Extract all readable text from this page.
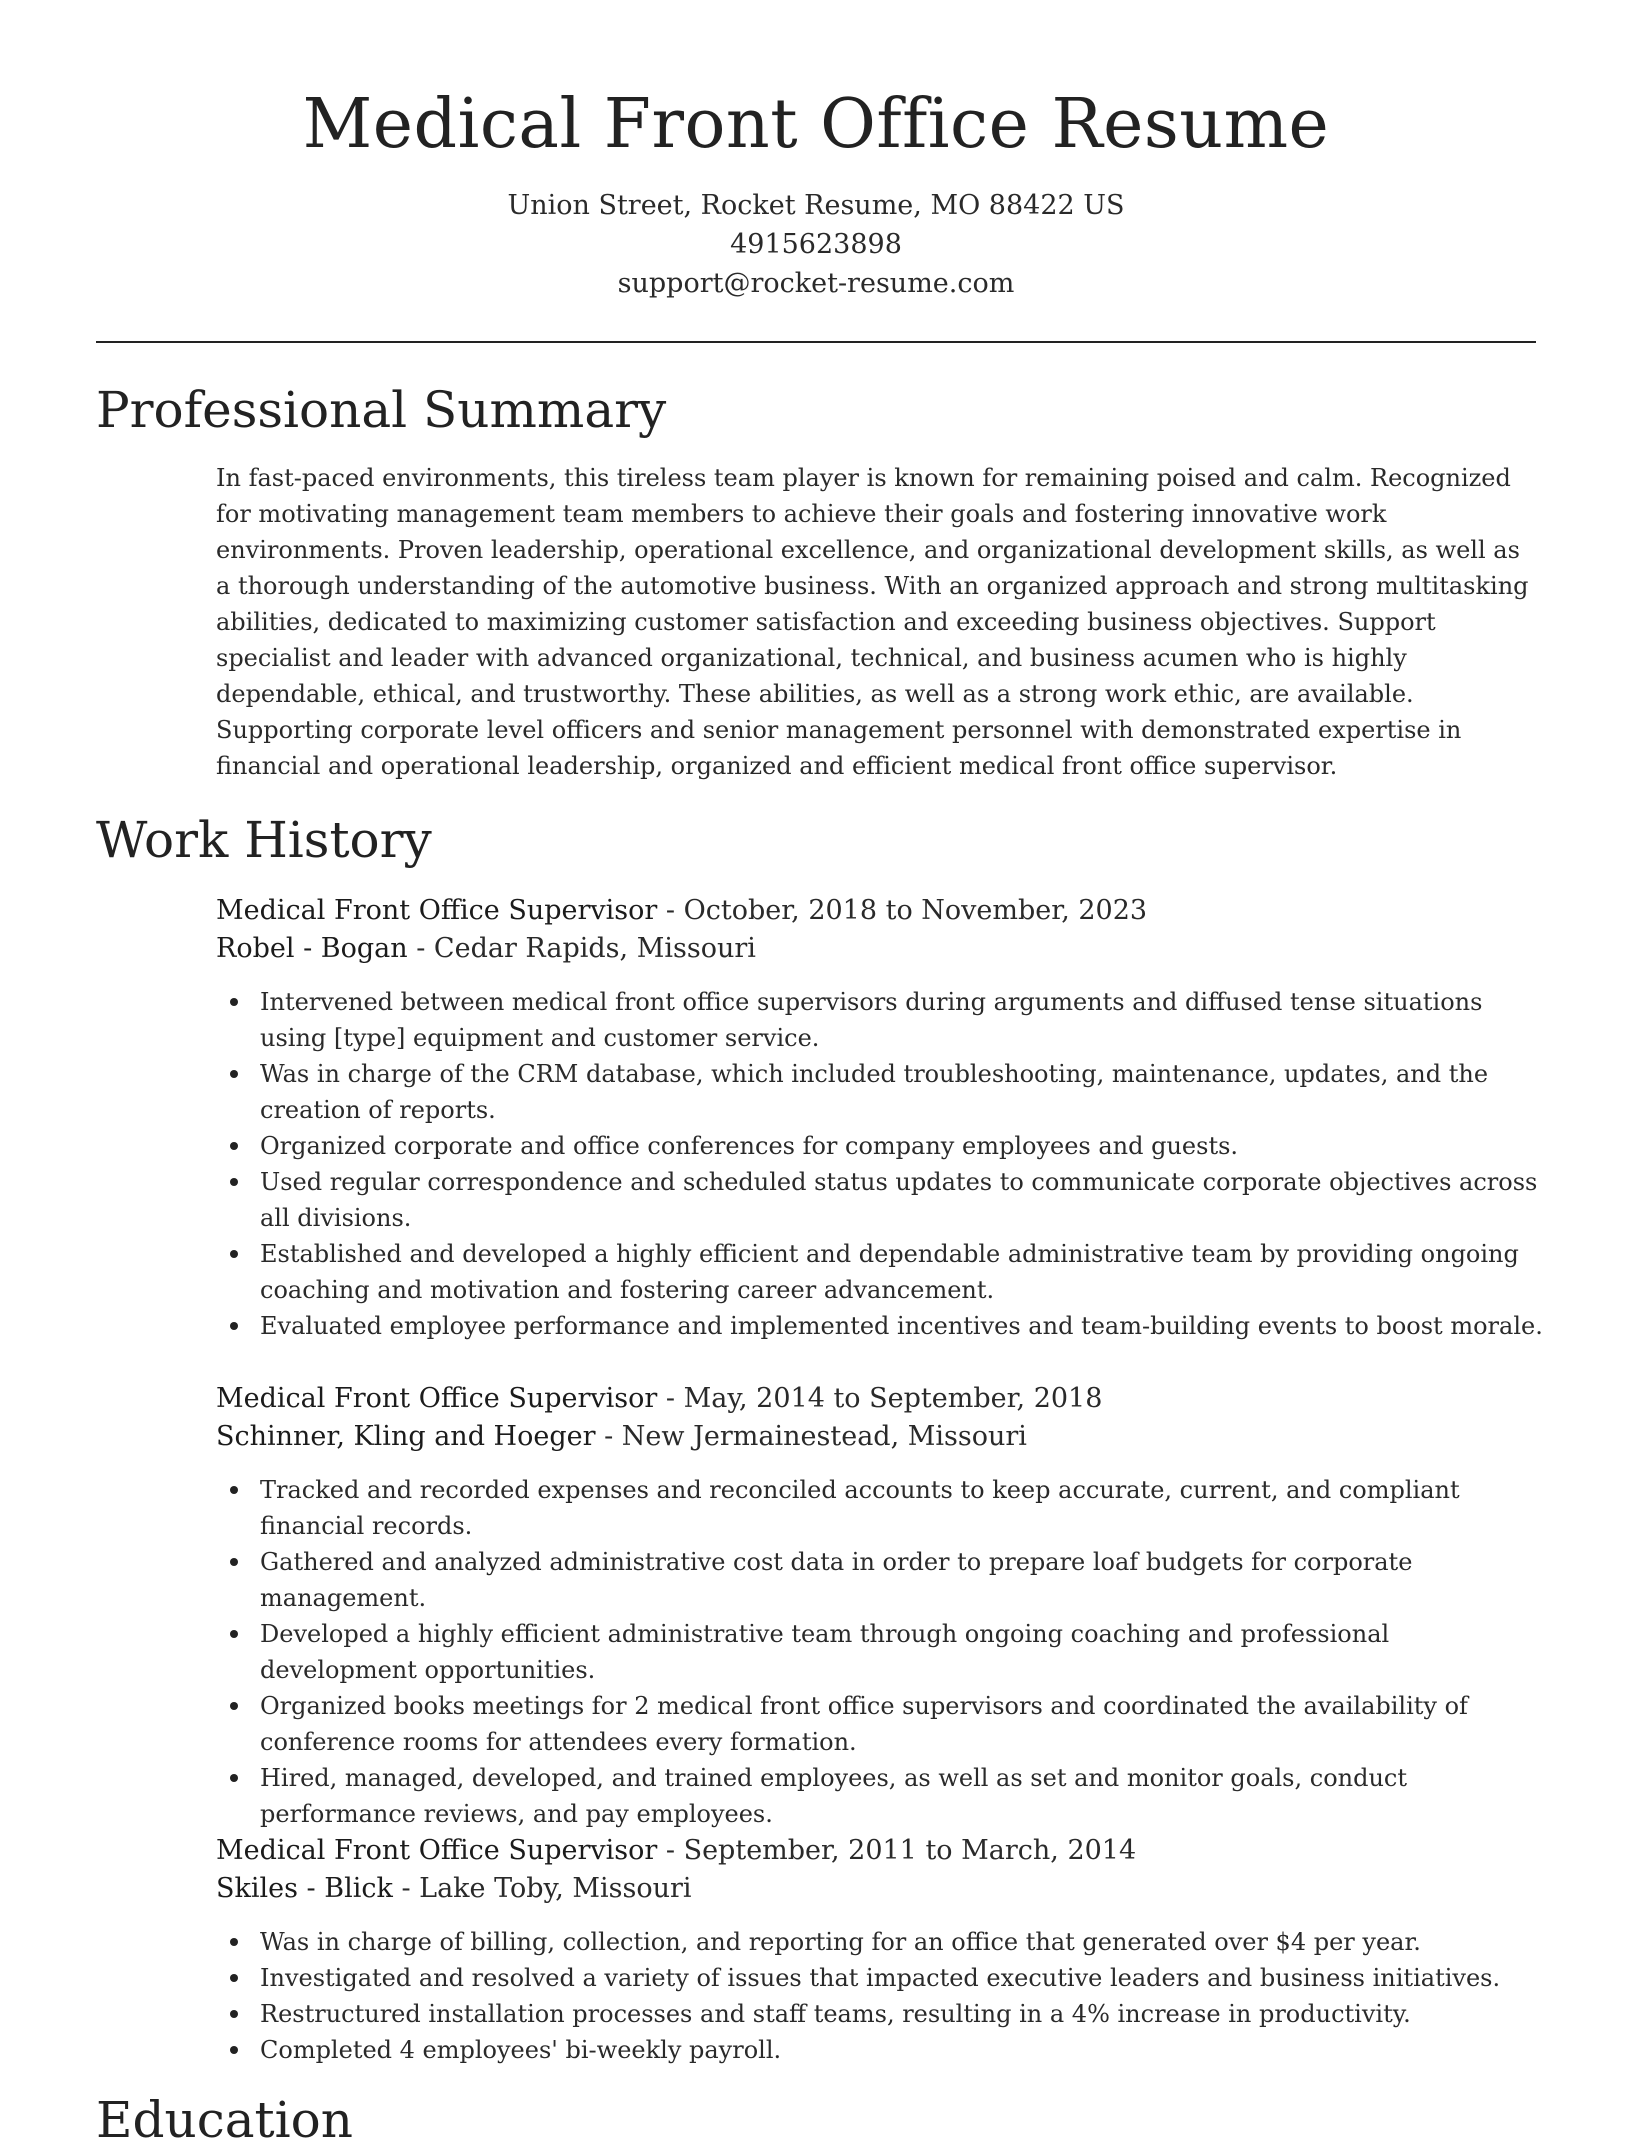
Medical Front Office Resume
Union Street, Rocket Resume, MO 88422 US
4915623898
support@rocket-resume.com
Professional Summary

In fast-paced environments, this tireless team player is known for remaining poised and calm. Recognized for motivating management team members to achieve their goals and fostering innovative work environments. Proven leadership, operational excellence, and organizational development skills, as well as a thorough understanding of the automotive business. With an organized approach and strong multitasking abilities, dedicated to maximizing customer satisfaction and exceeding business objectives. Support specialist and leader with advanced organizational, technical, and business acumen who is highly dependable, ethical, and trustworthy. These abilities, as well as a strong work ethic, are available. Supporting corporate level officers and senior management personnel with demonstrated expertise in financial and operational leadership, organized and efficient medical front office supervisor.

Work History
Medical Front Office Supervisor - October, 2018 to November, 2023
Robel - Bogan - Cedar Rapids, Missouri
Intervened between medical front office supervisors during arguments and diffused tense situations using [type] equipment and customer service.
Was in charge of the CRM database, which included troubleshooting, maintenance, updates, and the creation of reports.
Organized corporate and office conferences for company employees and guests.
Used regular correspondence and scheduled status updates to communicate corporate objectives across all divisions.
Established and developed a highly efficient and dependable administrative team by providing ongoing coaching and motivation and fostering career advancement.
Evaluated employee performance and implemented incentives and team-building events to boost morale.
Medical Front Office Supervisor - May, 2014 to September, 2018
Schinner, Kling and Hoeger - New Jermainestead, Missouri
Tracked and recorded expenses and reconciled accounts to keep accurate, current, and compliant financial records.
Gathered and analyzed administrative cost data in order to prepare loaf budgets for corporate management.
Developed a highly efficient administrative team through ongoing coaching and professional development opportunities.
Organized books meetings for 2 medical front office supervisors and coordinated the availability of conference rooms for attendees every formation.
Hired, managed, developed, and trained employees, as well as set and monitor goals, conduct performance reviews, and pay employees.
Medical Front Office Supervisor - September, 2011 to March, 2014
Skiles - Blick - Lake Toby, Missouri
Was in charge of billing, collection, and reporting for an office that generated over $4 per year.
Investigated and resolved a variety of issues that impacted executive leaders and business initiatives.
Restructured installation processes and staff teams, resulting in a 4% increase in productivity.
Completed 4 employees' bi-weekly payroll.
Education
